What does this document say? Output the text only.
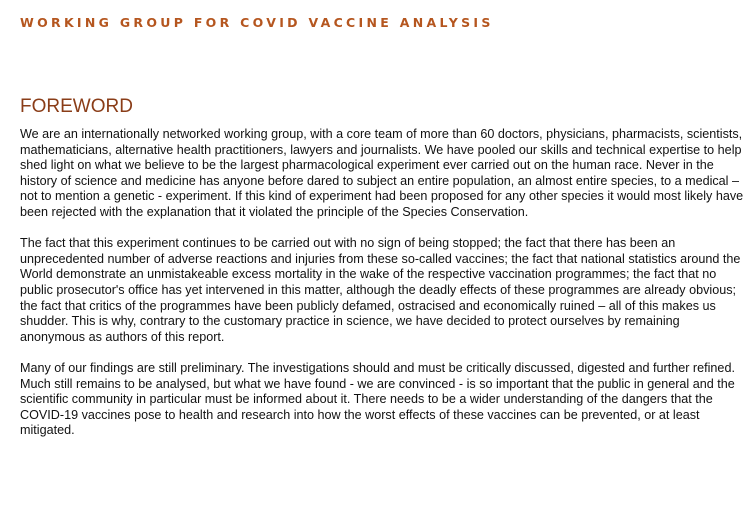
WORKING GROUP FOR COVID VACCINE ANALYSIS
FOREWORD

We are an internationally networked working group, with a core team of more than 60 doctors, physicians, pharmacists, scientists, mathematicians, alternative health practitioners, lawyers and journalists. We have pooled our skills and technical expertise to help shed light on what we believe to be the largest pharmacological experiment ever carried out on the human race. Never in the history of science and medicine has anyone before dared to subject an entire population, an almost entire species, to a medical – not to mention a genetic - experiment. If this kind of experiment had been proposed for any other species it would most likely have been rejected with the explanation that it violated the principle of the Species Conservation.

The fact that this experiment continues to be carried out with no sign of being stopped; the fact that there has been an unprecedented number of adverse reactions and injuries from these so-called vaccines; the fact that national statistics around the World demonstrate an unmistakeable excess mortality in the wake of the respective vaccination programmes; the fact that no public prosecutor's office has yet intervened in this matter, although the deadly effects of these programmes are already obvious; the fact that critics of the programmes have been publicly defamed, ostracised and economically ruined – all of this makes us shudder. This is why, contrary to the customary practice in science, we have decided to protect ourselves by remaining anonymous as authors of this report.

Many of our findings are still preliminary. The investigations should and must be critically discussed, digested and further refined. Much still remains to be analysed, but what we have found - we are convinced - is so important that the public in general and the scientific community in particular must be informed about it. There needs to be a wider understanding of the dangers that the COVID-19 vaccines pose to health and research into how the worst effects of these vaccines can be prevented, or at least mitigated.
